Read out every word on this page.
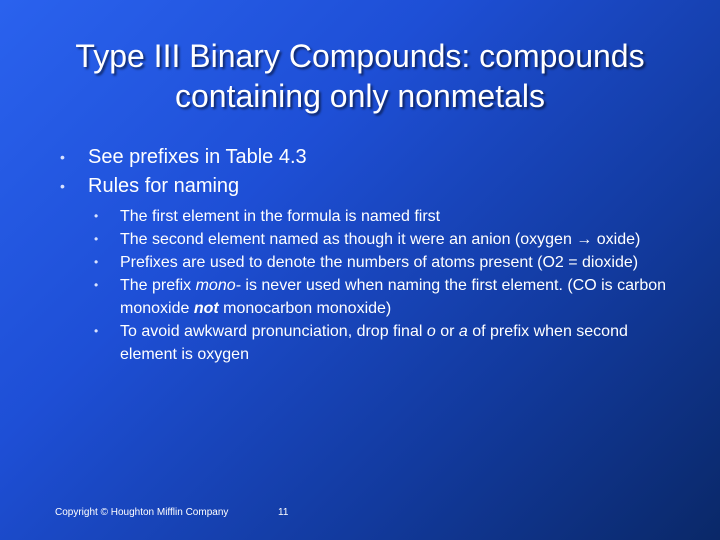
Type III Binary Compounds: compounds
containing only nonmetals
• See prefixes in Table 4.3
• Rules for naming
• The first element in the formula is named first
• The second element named as though it were an anion (oxygen → oxide)
• Prefixes are used to denote the numbers of atoms present (O2 = dioxide)
• The prefix mono- is never used when naming the first element. (CO is carbon monoxide not monocarbon monoxide)
• To avoid awkward pronunciation, drop final o or a of prefix when second element is oxygen
Copyright © Houghton Mifflin Company	11
